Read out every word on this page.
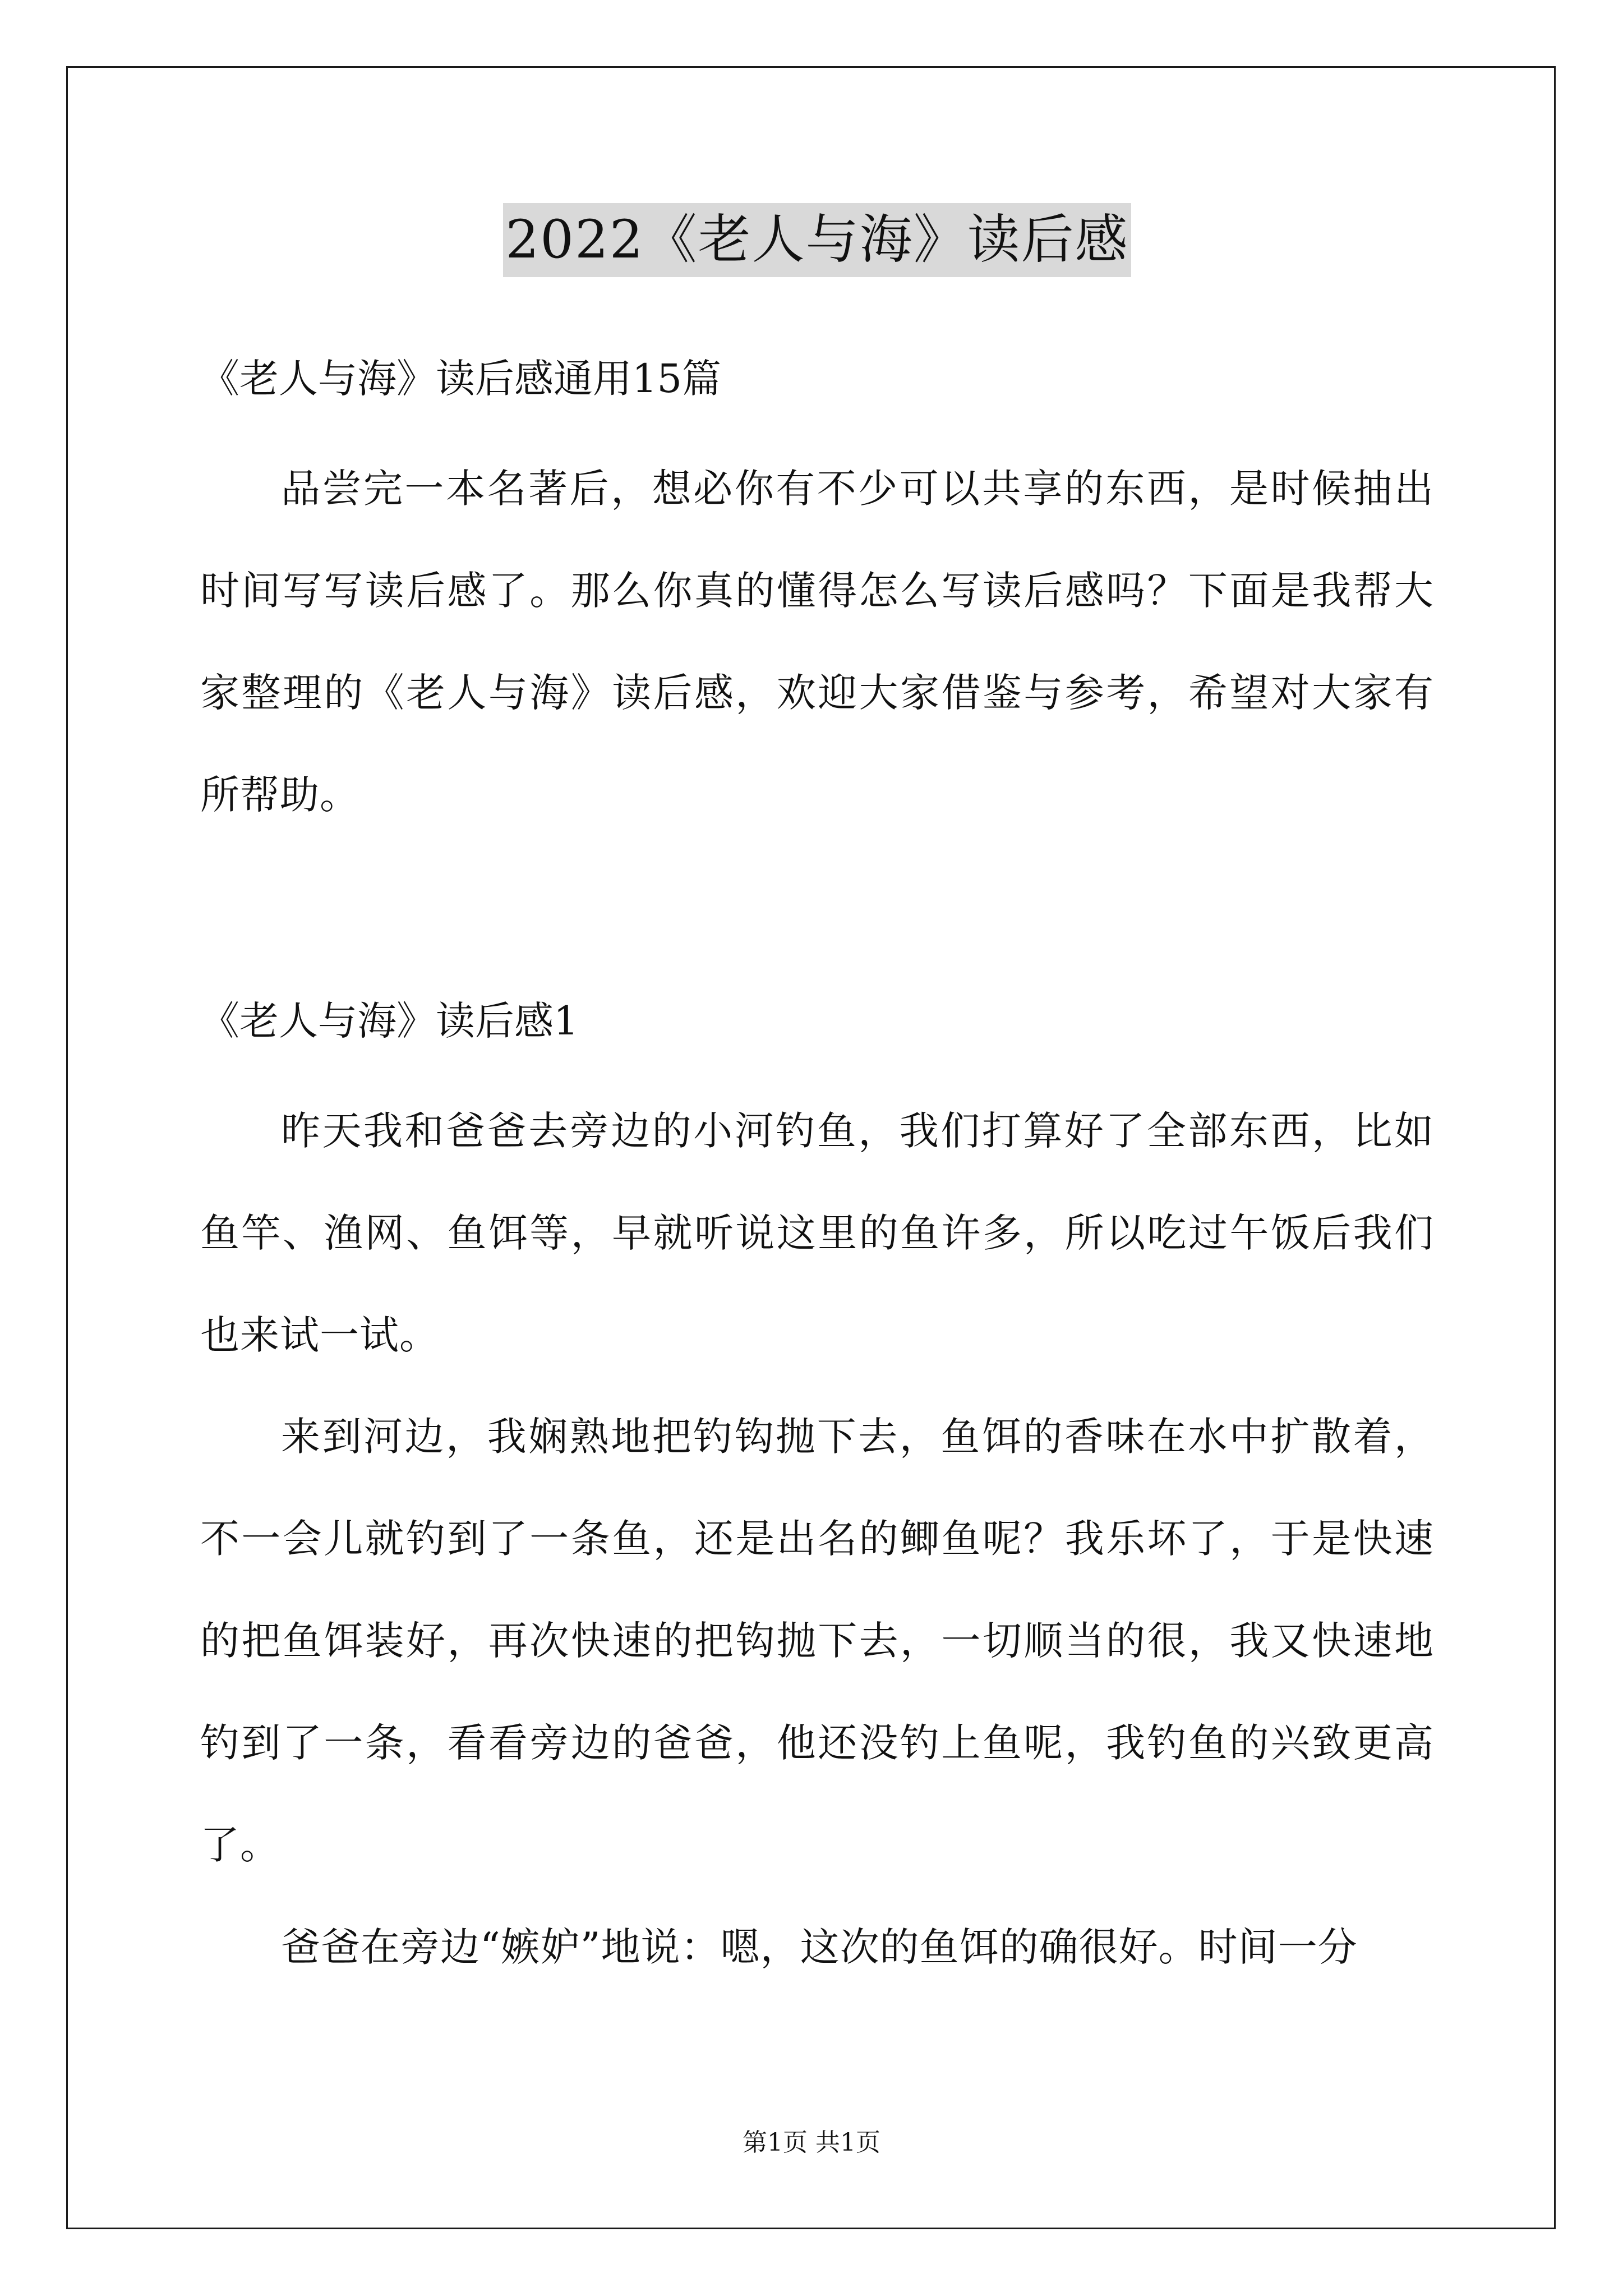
2022《老人与海》读后感
《老人与海》读后感通用15篇
品尝完一本名著后，想必你有不少可以共享的东西，是时候抽出时间写写读后感了。那么你真的懂得怎么写读后感吗？下面是我帮大家整理的《老人与海》读后感，欢迎大家借鉴与参考，希望对大家有所帮助。
《老人与海》读后感1
昨天我和爸爸去旁边的小河钓鱼，我们打算好了全部东西，比如鱼竿、渔网、鱼饵等，早就听说这里的鱼许多，所以吃过午饭后我们也来试一试。
来到河边，我娴熟地把钓钩抛下去，鱼饵的香味在水中扩散着，不一会儿就钓到了一条鱼，还是出名的鲫鱼呢？我乐坏了，于是快速的把鱼饵装好，再次快速的把钩抛下去，一切顺当的很，我又快速地钓到了一条，看看旁边的爸爸，他还没钓上鱼呢，我钓鱼的兴致更高了。
爸爸在旁边“嫉妒”地说：嗯，这次的鱼饵的确很好。时间一分
第1页 共1页
